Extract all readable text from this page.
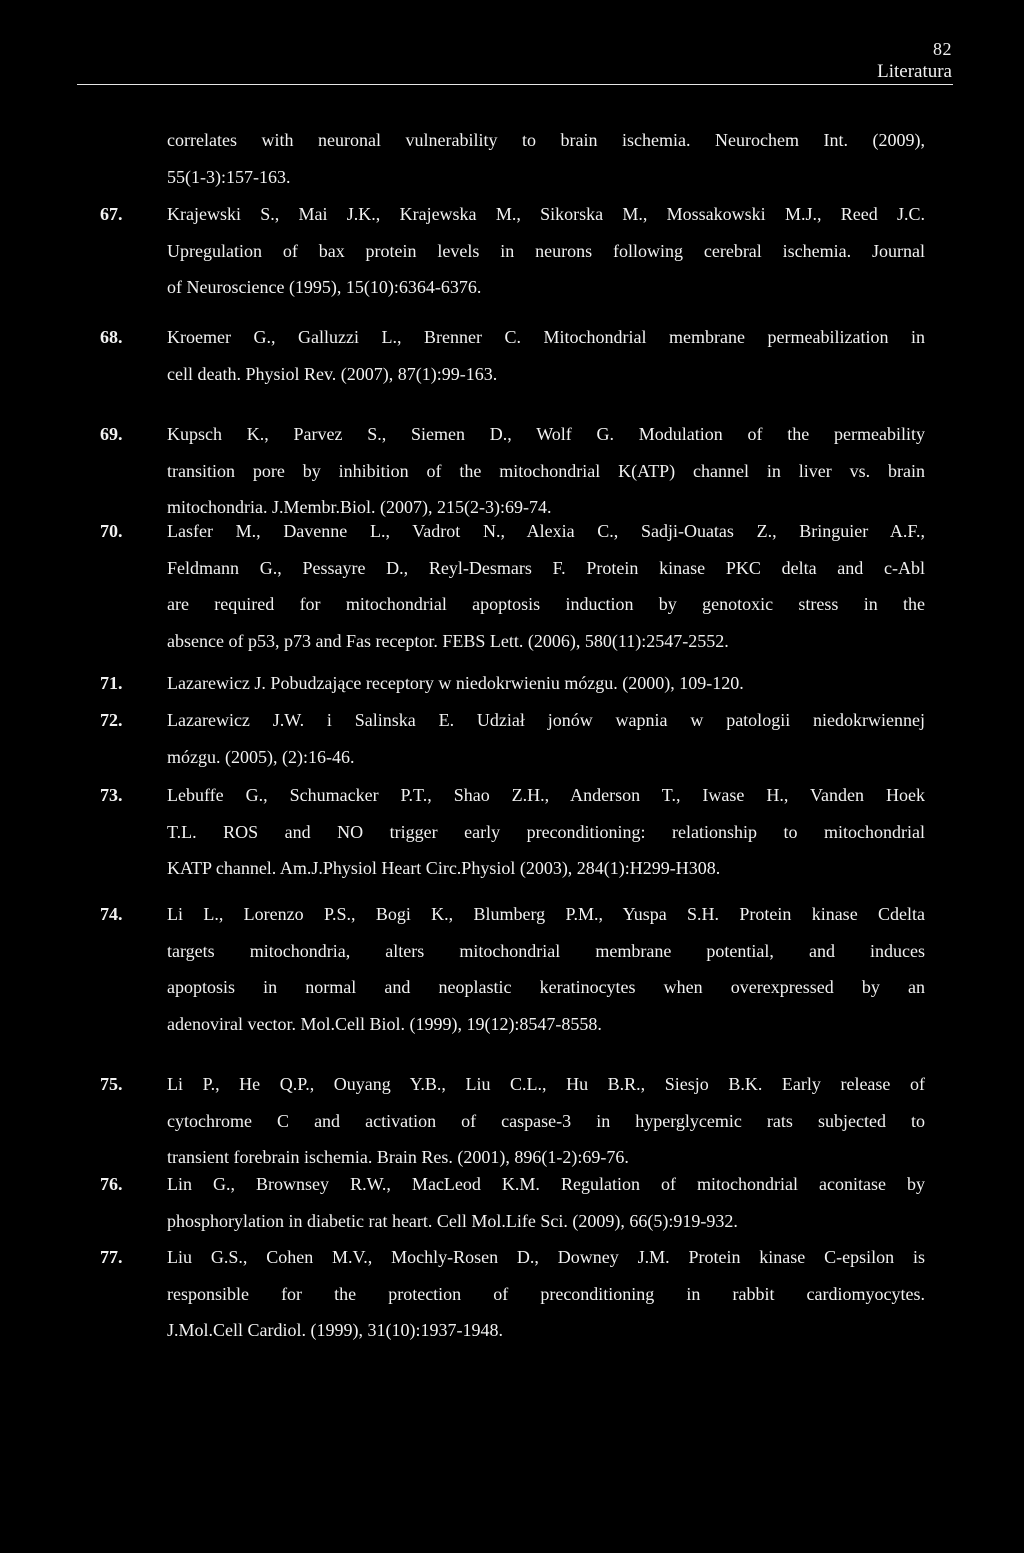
82
Literatura
correlates with neuronal vulnerability to brain ischemia. Neurochem Int. (2009),
55(1-3):157-163.
67. Krajewski S., Mai J.K., Krajewska M., Sikorska M., Mossakowski M.J., Reed J.C.
Upregulation of bax protein levels in neurons following cerebral ischemia. Journal
of Neuroscience (1995), 15(10):6364-6376.
68. Kroemer G., Galluzzi L., Brenner C. Mitochondrial membrane permeabilization in
cell death. Physiol Rev. (2007), 87(1):99-163.
69. Kupsch K., Parvez S., Siemen D., Wolf G. Modulation of the permeability
transition pore by inhibition of the mitochondrial K(ATP) channel in liver vs. brain
mitochondria. J.Membr.Biol. (2007), 215(2-3):69-74.
70. Lasfer M., Davenne L., Vadrot N., Alexia C., Sadji-Ouatas Z., Bringuier A.F.,
Feldmann G., Pessayre D., Reyl-Desmars F. Protein kinase PKC delta and c-Abl
are required for mitochondrial apoptosis induction by genotoxic stress in the
absence of p53, p73 and Fas receptor. FEBS Lett. (2006), 580(11):2547-2552.
71. Lazarewicz J. Pobudzające receptory w niedokrwieniu mózgu. (2000), 109-120.
72. Lazarewicz J.W. i Salinska E. Udział jonów wapnia w patologii niedokrwiennej
mózgu. (2005), (2):16-46.
73. Lebuffe G., Schumacker P.T., Shao Z.H., Anderson T., Iwase H., Vanden Hoek
T.L. ROS and NO trigger early preconditioning: relationship to mitochondrial
KATP channel. Am.J.Physiol Heart Circ.Physiol (2003), 284(1):H299-H308.
74. Li L., Lorenzo P.S., Bogi K., Blumberg P.M., Yuspa S.H. Protein kinase Cdelta
targets mitochondria, alters mitochondrial membrane potential, and induces
apoptosis in normal and neoplastic keratinocytes when overexpressed by an
adenoviral vector. Mol.Cell Biol. (1999), 19(12):8547-8558.
75. Li P., He Q.P., Ouyang Y.B., Liu C.L., Hu B.R., Siesjo B.K. Early release of
cytochrome C and activation of caspase-3 in hyperglycemic rats subjected to
transient forebrain ischemia. Brain Res. (2001), 896(1-2):69-76.
76. Lin G., Brownsey R.W., MacLeod K.M. Regulation of mitochondrial aconitase by
phosphorylation in diabetic rat heart. Cell Mol.Life Sci. (2009), 66(5):919-932.
77. Liu G.S., Cohen M.V., Mochly-Rosen D., Downey J.M. Protein kinase C-epsilon is
responsible for the protection of preconditioning in rabbit cardiomyocytes.
J.Mol.Cell Cardiol. (1999), 31(10):1937-1948.
